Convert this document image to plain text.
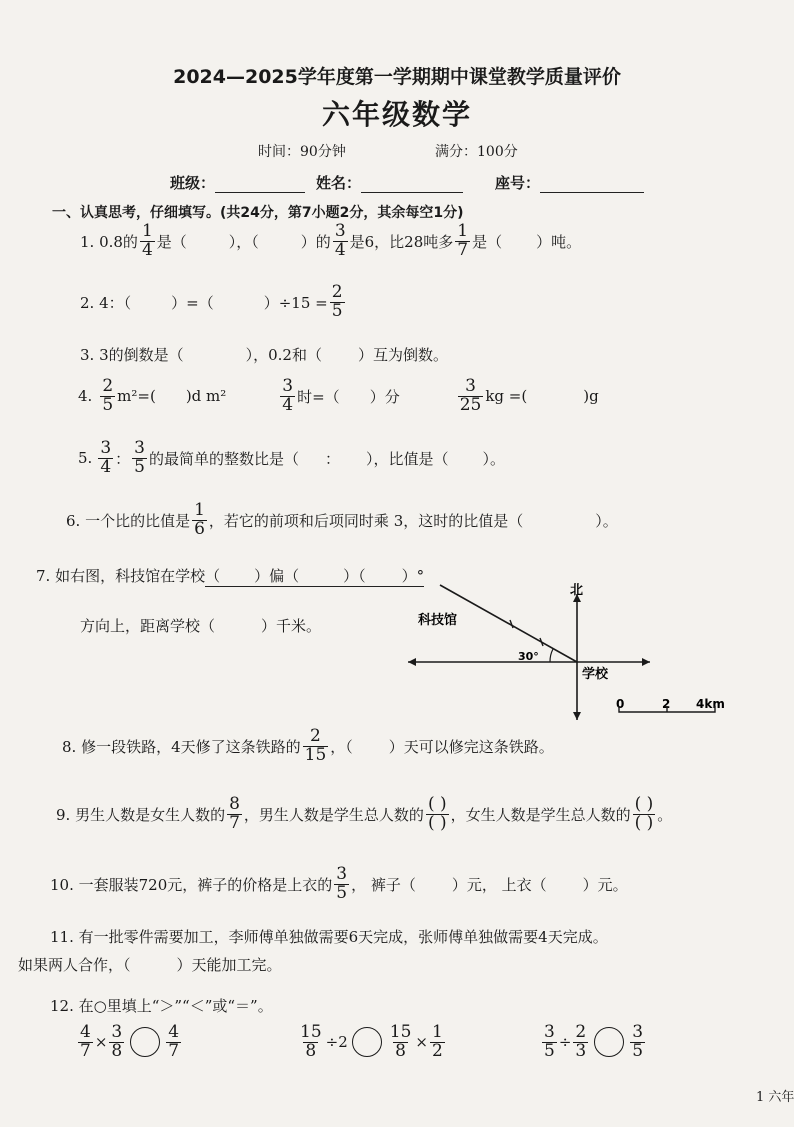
2024—2025学年度第一学期期中课堂教学质量评价
六年级数学
时间：90分钟	满分：100分
班级：	姓名：	座号：
一、认真思考，仔细填写。(共24分，第7小题2分，其余每空1分)
1. 0.8的 $\frac{1}{4}$ 是（	），（	）的 $\frac{3}{4}$ 是6，比28吨多 $\frac{1}{7}$ 是（ ）吨。
2. 4：（	）=（	）$\div 15 = \frac{2}{5}$
3. 3的倒数是（	），0.2和（ ）互为倒数。
4. $\frac{2}{5} m^2=$( )d m²	$\frac{3}{4}$ 时=（ ）分	$\frac{3}{25}$ kg =(	)g
5. $\frac{3}{4}$ ： $\frac{3}{5}$ 的最简单的整数比是（ ： ），比值是（ ）。
6. 一个比的比值是 $\frac{1}{6}$ ，若它的前项和后项同时乘 3，这时的比值是（	）。
7. 如右图，科技馆在学校（ ）偏（	）（ ）°
方向上，距离学校（	）千米。
北
科技馆
30°
学校
0	2 4km
8. 修一段铁路，4天修了这条铁路的 $\frac{2}{15}$ ，（ ）天可以修完这条铁路。
9. 男生人数是女生人数的 $\frac{8}{7}$ ，男生人数是学生总人数的 $\frac{( )}{( )}$ ，女生人数是学生总人数的 $\frac{( )}{( )}$ 。
10. 一套服装720元，裤子的价格是上衣的 $\frac{3}{5}$ ， 裤子（ ）元， 上衣（ ）元。
11. 有一批零件需要加工，李师傅单独做需要6天完成，张师傅单独做需要4天完成。
如果两人合作，（	）天能加工完。
12. 在○里填上“＞”“＜”或“＝”。
$\frac{4}{7} \times \frac{3}{8} \frac{4}{7}$	$\frac{15}{8} \div 2 \frac{15}{8} \times \frac{1}{2}$	$\frac{3}{5} \div \frac{2}{3} \frac{3}{5}$
1 六年
